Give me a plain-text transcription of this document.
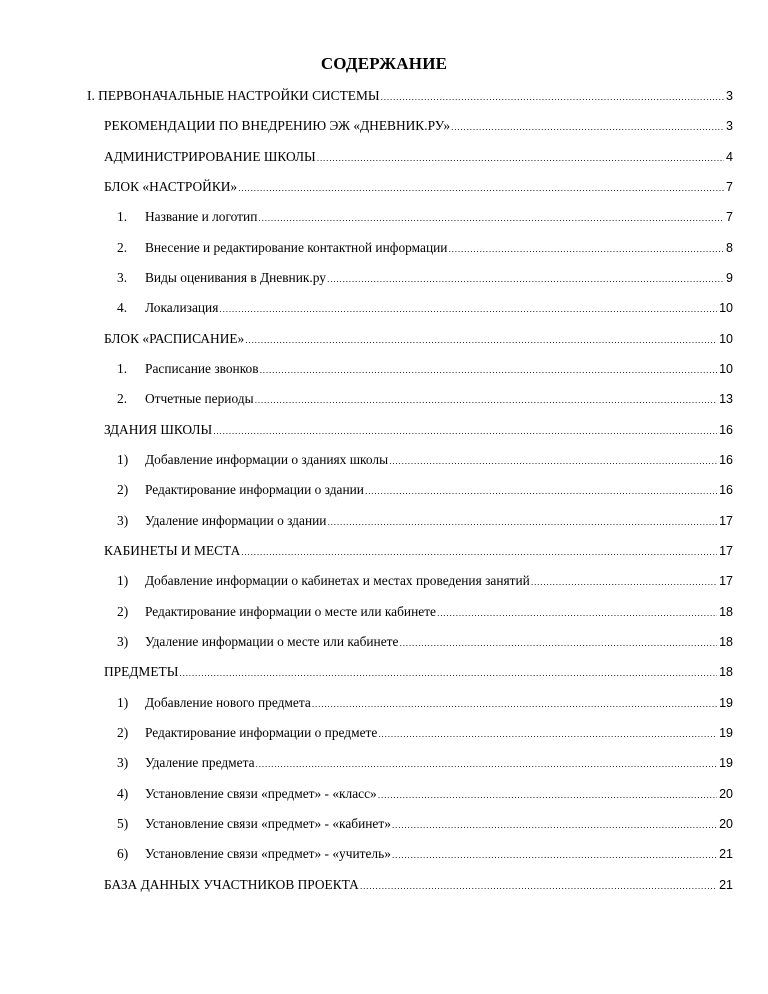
СОДЕРЖАНИЕ
I. ПЕРВОНАЧАЛЬНЫЕ НАСТРОЙКИ СИСТЕМЫ .....	3
РЕКОМЕНДАЦИИ ПО ВНЕДРЕНИЮ ЭЖ «ДНЕВНИК.РУ» .....	3
АДМИНИСТРИРОВАНИЕ ШКОЛЫ .....	4
БЛОК «НАСТРОЙКИ» .....	7
1.	Название и логотип .....	7
2.	Внесение и редактирование контактной информации .....	8
3.	Виды оценивания в Дневник.ру .....	9
4.	Локализация .....	10
БЛОК «РАСПИСАНИЕ» .....	10
1.	Расписание звонков .....	10
2.	Отчетные периоды .....	13
ЗДАНИЯ ШКОЛЫ .....	16
1)	Добавление информации о зданиях школы .....	16
2)	Редактирование информации о здании .....	16
3)	Удаление информации о здании .....	17
КАБИНЕТЫ И МЕСТА .....	17
1)	Добавление информации о кабинетах и местах проведения занятий .....	17
2)	Редактирование информации о месте или кабинете .....	18
3)	Удаление информации о месте или кабинете .....	18
ПРЕДМЕТЫ .....	18
1)	Добавление нового предмета .....	19
2)	Редактирование информации о предмете .....	19
3)	Удаление предмета .....	19
4)	Установление связи «предмет» - «класс» .....	20
5)	Установление связи «предмет» - «кабинет» .....	20
6)	Установление связи «предмет» - «учитель» .....	21
БАЗА ДАННЫХ УЧАСТНИКОВ ПРОЕКТА .....	21
